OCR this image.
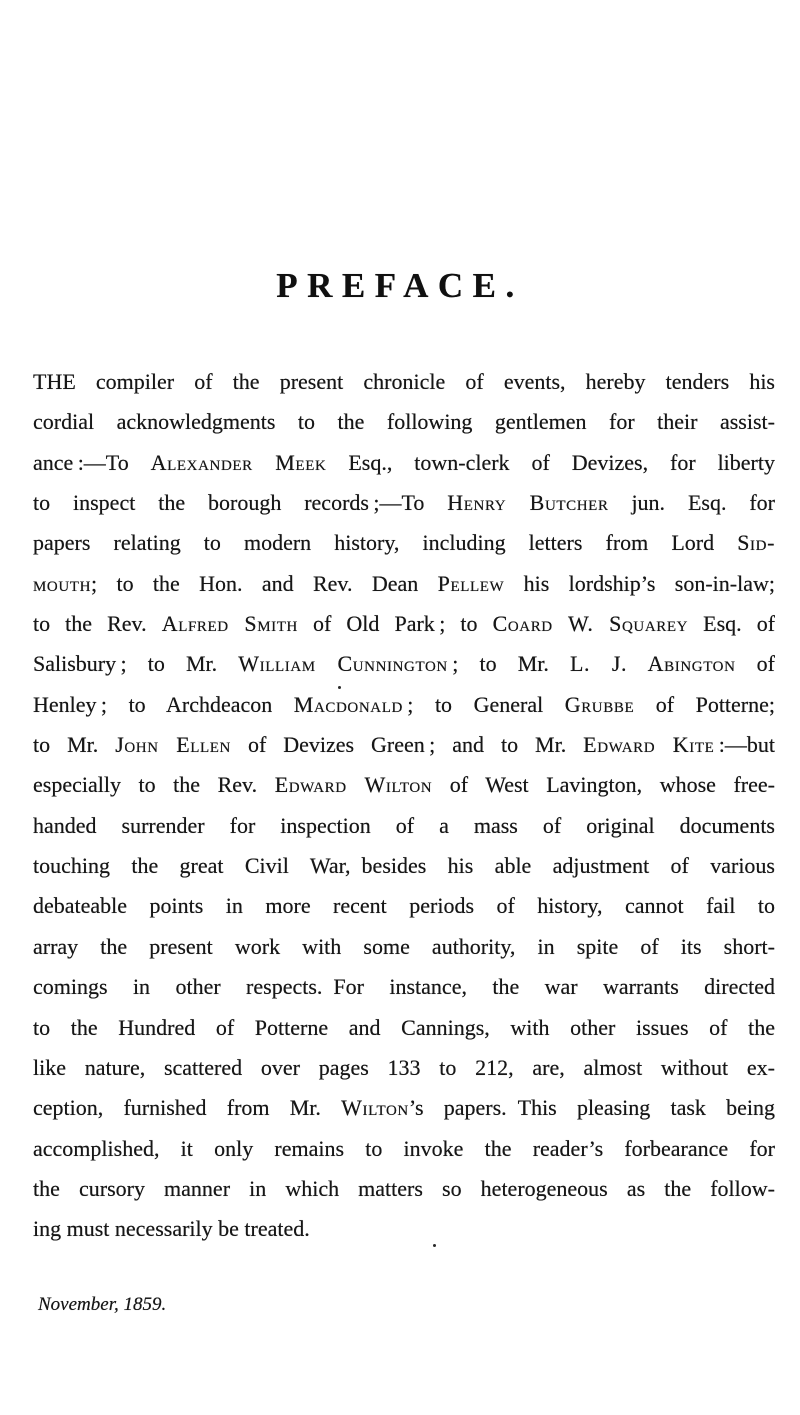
PREFACE.
THE compiler of the present chronicle of events, hereby tenders his
cordial acknowledgments to the following gentlemen for their assist-
ance :—To Alexander Meek Esq., town-clerk of Devizes, for liberty
to inspect the borough records ;—To Henry Butcher jun. Esq. for
papers relating to modern history, including letters from Lord Sid-
mouth; to the Hon. and Rev. Dean Pellew his lordship’s son-in-law;
to the Rev. Alfred Smith of Old Park ; to Coard W. Squarey Esq. of
Salisbury ; to Mr. William Cunnington ; to Mr. L. J. Abington of
Henley ; to Archdeacon Macdonald ; to General Grubbe of Potterne;
to Mr. John Ellen of Devizes Green ; and to Mr. Edward Kite :—but
especially to the Rev. Edward Wilton of West Lavington, whose free-
handed surrender for inspection of a mass of original documents
touching the great Civil War, besides his able adjustment of various
debateable points in more recent periods of history, cannot fail to
array the present work with some authority, in spite of its short-
comings in other respects. For instance, the war warrants directed
to the Hundred of Potterne and Cannings, with other issues of the
like nature, scattered over pages 133 to 212, are, almost without ex-
ception, furnished from Mr. Wilton’s papers. This pleasing task being
accomplished, it only remains to invoke the reader’s forbearance for
the cursory manner in which matters so heterogeneous as the follow-
ing must necessarily be treated.
November, 1859.
